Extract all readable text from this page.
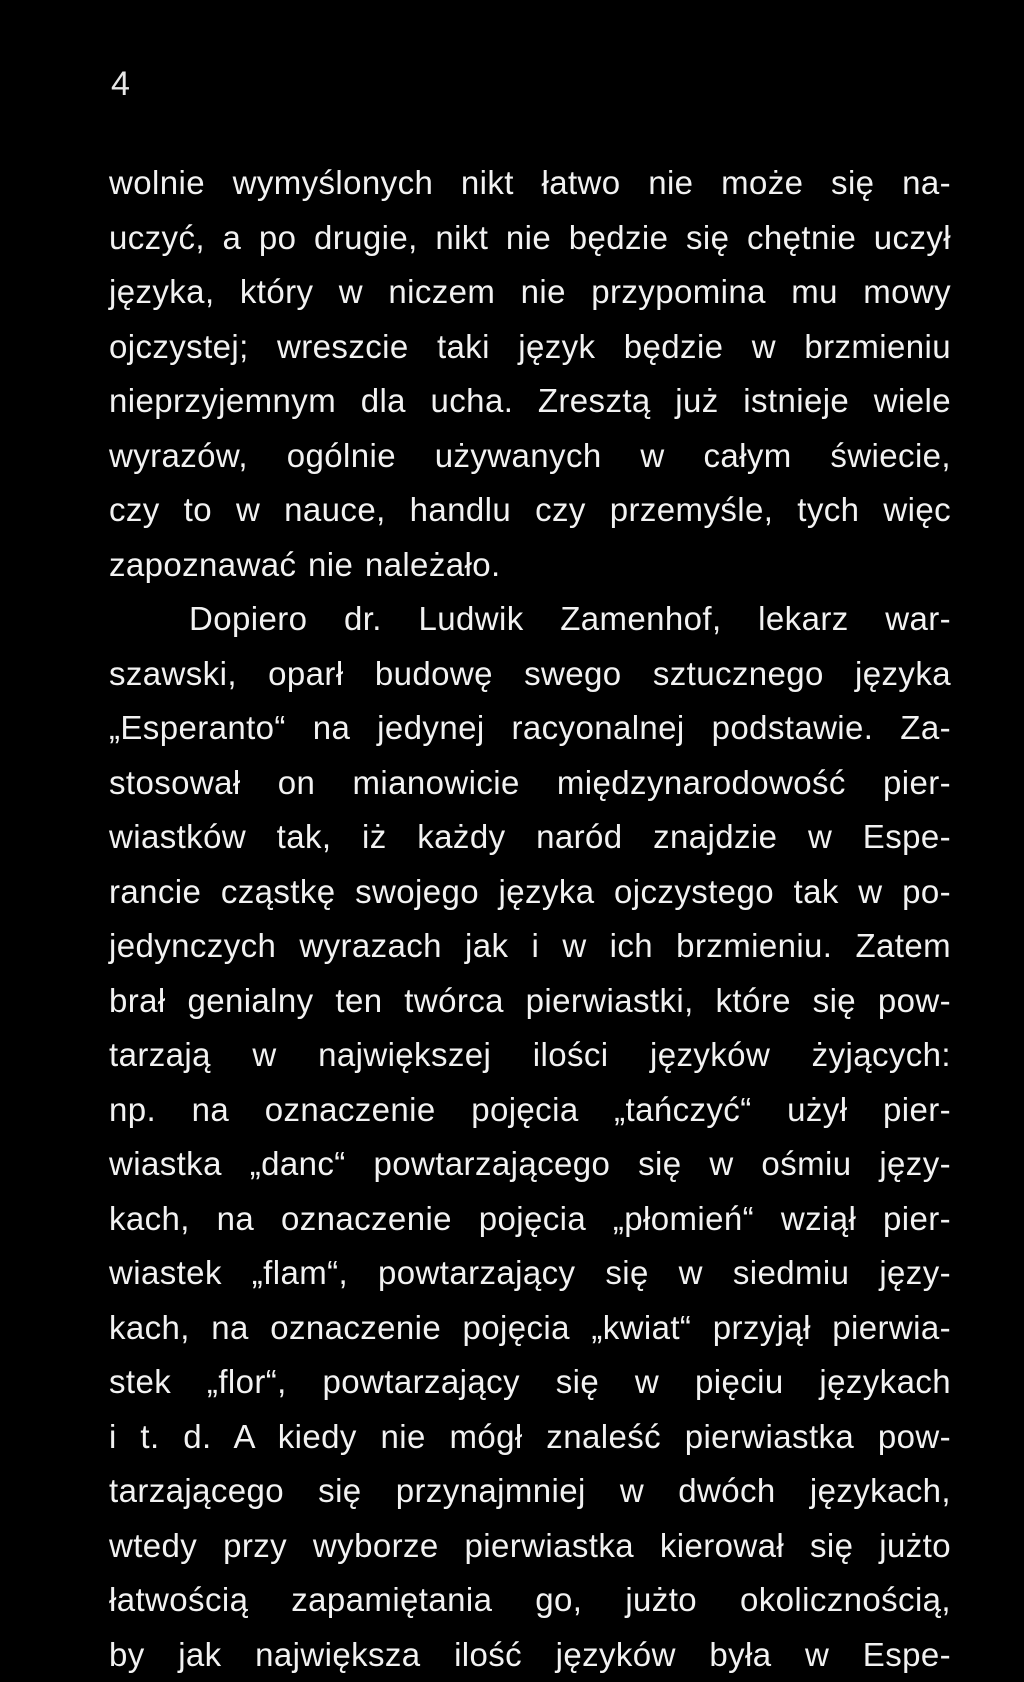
4
wolnie wymyślonych nikt łatwo nie może się na-
uczyć, a po drugie, nikt nie będzie się chętnie uczył
języka, który w niczem nie przypomina mu mowy
ojczystej; wreszcie taki język będzie w brzmieniu
nieprzyjemnym dla ucha. Zresztą już istnieje wiele
wyrazów, ogólnie używanych w całym świecie,
czy to w nauce, handlu czy przemyśle, tych więc
zapoznawać nie należało.
Dopiero dr. Ludwik Zamenhof, lekarz war-
szawski, oparł budowę swego sztucznego języka
„Esperanto“ na jedynej racyonalnej podstawie. Za-
stosował on mianowicie międzynarodowość pier-
wiastków tak, iż każdy naród znajdzie w Espe-
rancie cząstkę swojego języka ojczystego tak w po-
jedynczych wyrazach jak i w ich brzmieniu. Zatem
brał genialny ten twórca pierwiastki, które się pow-
tarzają w największej ilości języków żyjących:
np. na oznaczenie pojęcia „tańczyć“ użył pier-
wiastka „danc“ powtarzającego się w ośmiu języ-
kach, na oznaczenie pojęcia „płomień“ wziął pier-
wiastek „flam“, powtarzający się w siedmiu języ-
kach, na oznaczenie pojęcia „kwiat“ przyjął pierwia-
stek „flor“, powtarzający się w pięciu językach
i t. d. A kiedy nie mógł znaleść pierwiastka pow-
tarzającego się przynajmniej w dwóch językach,
wtedy przy wyborze pierwiastka kierował się jużto
łatwością zapamiętania go, jużto okolicznością,
by jak największa ilość języków była w Espe-
